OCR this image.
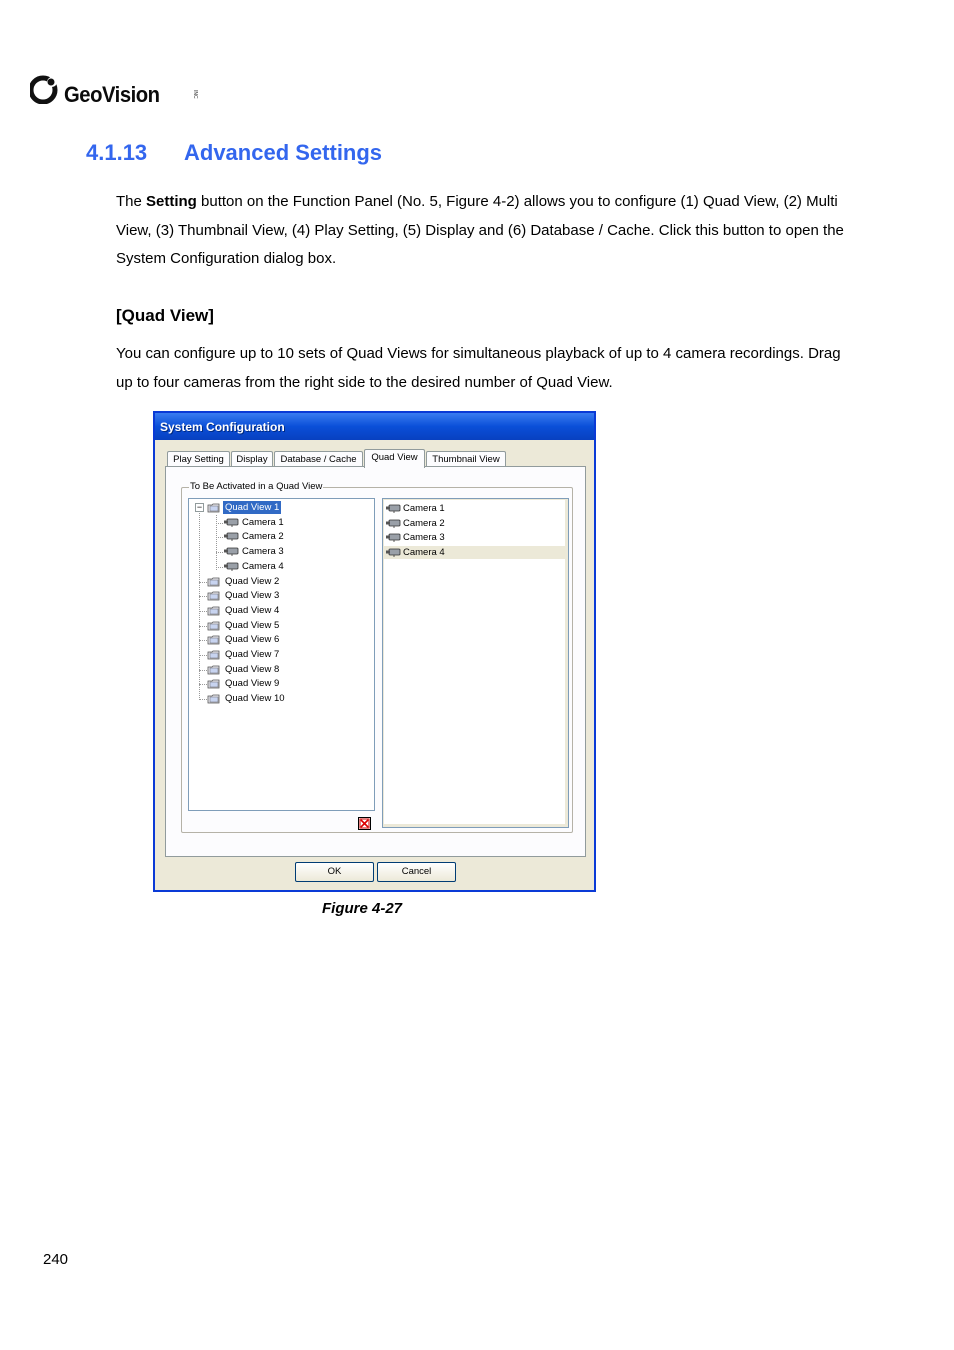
GeoVision	INC
4.1.13 Advanced Settings
The Setting button on the Function Panel (No. 5, Figure 4-2) allows you to configure (1) Quad View, (2) Multi View, (3) Thumbnail View, (4) Play Setting, (5) Display and (6) Database / Cache. Click this button to open the System Configuration dialog box.
[Quad View]
You can configure up to 10 sets of Quad Views for simultaneous playback of up to 4 camera recordings. Drag up to four cameras from the right side to the desired number of Quad View.
System Configuration
Play Setting	Display	Database / Cache	Quad View	Thumbnail View
To Be Activated in a Quad View
−	Quad View 1
Camera 1
Camera 2
Camera 3
Camera 4
Quad View 2
Quad View 3
Quad View 4
Quad View 5
Quad View 6
Quad View 7
Quad View 8
Quad View 9
Quad View 10
Camera 1
Camera 2
Camera 3
Camera 4
OK	Cancel
Figure 4-27
240
